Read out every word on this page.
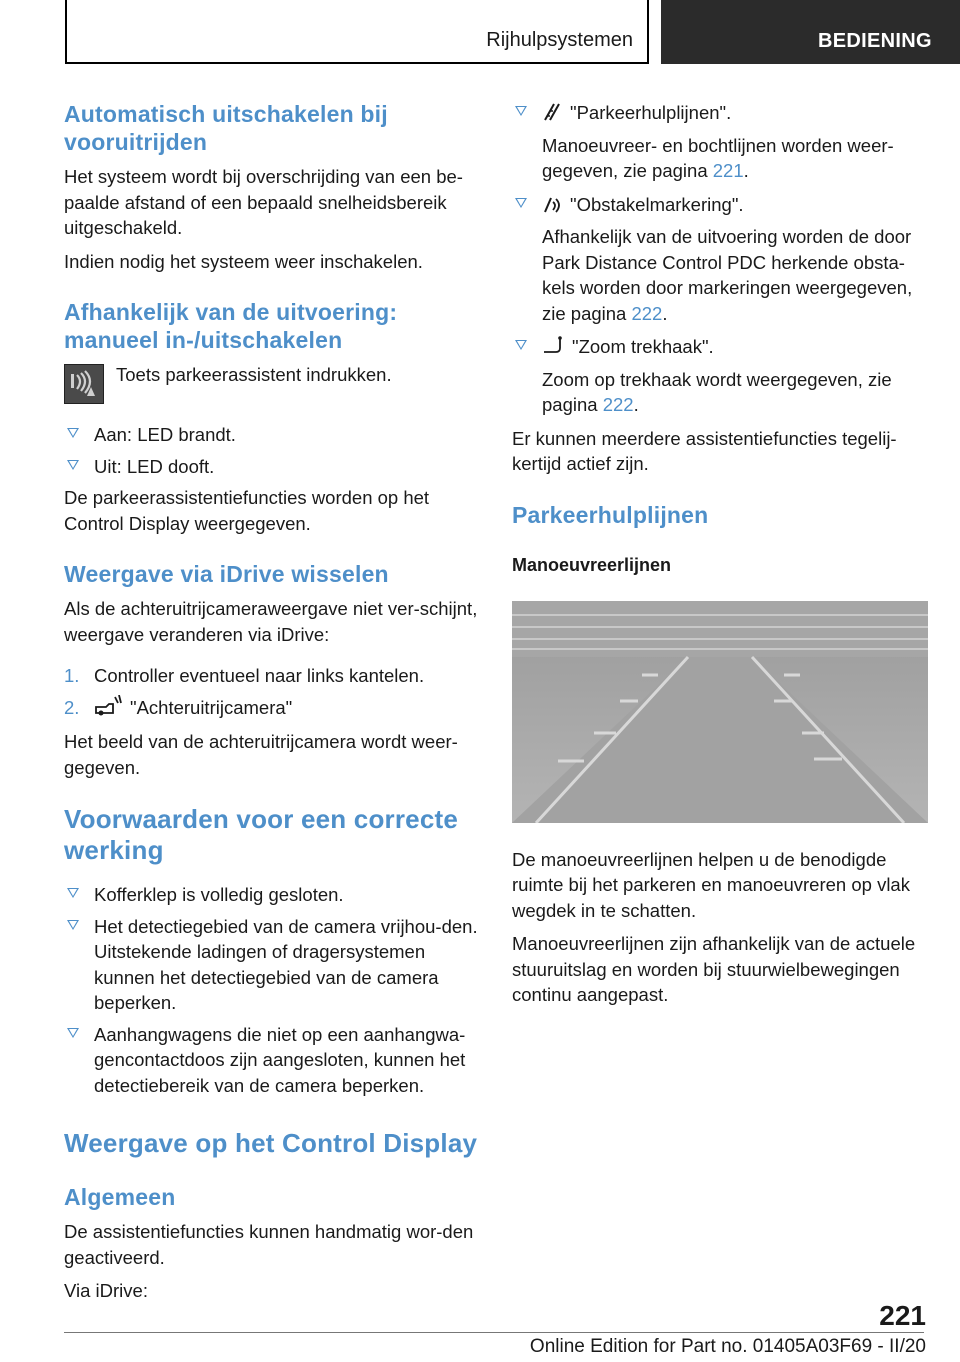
Rijhulpsystemen	BEDIENING
Automatisch uitschakelen bij vooruitrijden

Het systeem wordt bij overschrijding van een be-paalde afstand of een bepaald snelheidsbereik uitgeschakeld.

Indien nodig het systeem weer inschakelen.

Afhankelijk van de uitvoering: manueel in-/uitschakelen

Toets parkeerassistent indrukken.

Aan: LED brandt.
Uit: LED dooft.

De parkeerassistentiefuncties worden op het Control Display weergegeven.

Weergave via iDrive wisselen

Als de achteruitrijcameraweergave niet ver-schijnt, weergave veranderen via iDrive:

1. Controller eventueel naar links kantelen.
2.	"Achteruitrijcamera"

Het beeld van de achteruitrijcamera wordt weer-gegeven.

Voorwaarden voor een correcte werking
Kofferklep is volledig gesloten.
Het detectiegebied van de camera vrijhou-den. Uitstekende ladingen of dragersystemen kunnen het detectiegebied van de camera beperken.
Aanhangwagens die niet op een aanhangwa-gencontactdoos zijn aangesloten, kunnen het detectiebereik van de camera beperken.
Weergave op het Control Display
Algemeen

De assistentiefuncties kunnen handmatig wor-den geactiveerd.

Via iDrive:

"Parkeerhulplijnen".

Manoeuvreer- en bochtlijnen worden weer-gegeven, zie pagina 221.

"Obstakelmarkering".

Afhankelijk van de uitvoering worden de door Park Distance Control PDC herkende obsta-kels worden door markeringen weergegeven, zie pagina 222.

"Zoom trekhaak".

Zoom op trekhaak wordt weergegeven, zie pagina 222.

Er kunnen meerdere assistentiefuncties tegelij-kertijd actief zijn.

Parkeerhulplijnen
Manoeuvreerlijnen

De manoeuvreerlijnen helpen u de benodigde ruimte bij het parkeren en manoeuvreren op vlak wegdek in te schatten.

Manoeuvreerlijnen zijn afhankelijk van de actuele stuuruitslag en worden bij stuurwielbewegingen continu aangepast.

221
Online Edition for Part no. 01405A03F69 - II/20
